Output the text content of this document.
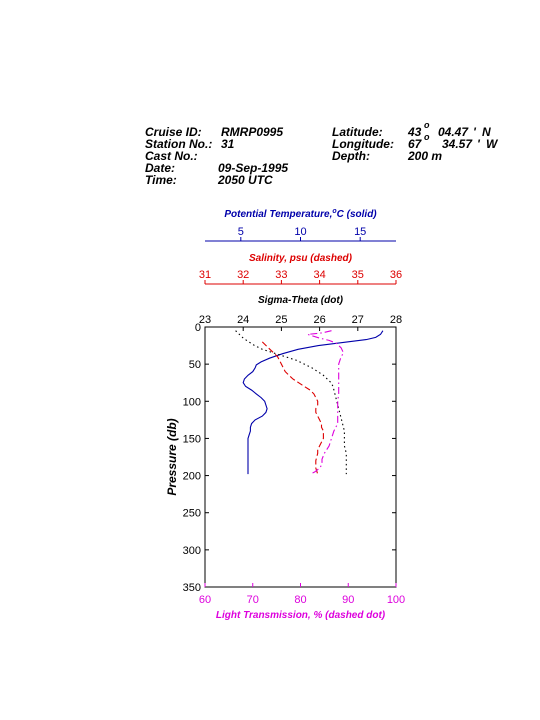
Cruise ID: RMRP0995
Station No.: 31
Cast No.:
Date:	09-Sep-1995
Time:	2050 UTC
Latitude: 43 o 04.47 ' N
Longitude: 67 o 34.57 ' W
Depth:	200 m
0
50
100
150
200
250
300
350
Pressure (db)
23 24 25 26 27 28
Sigma-Theta (dot)
31 32 33 34 35 36
Salinity, psu (dashed)
5	10	15
Potential Temperature,$^o$C (solid)
60	70	80	90	100
Light Transmission, % (dashed dot)
